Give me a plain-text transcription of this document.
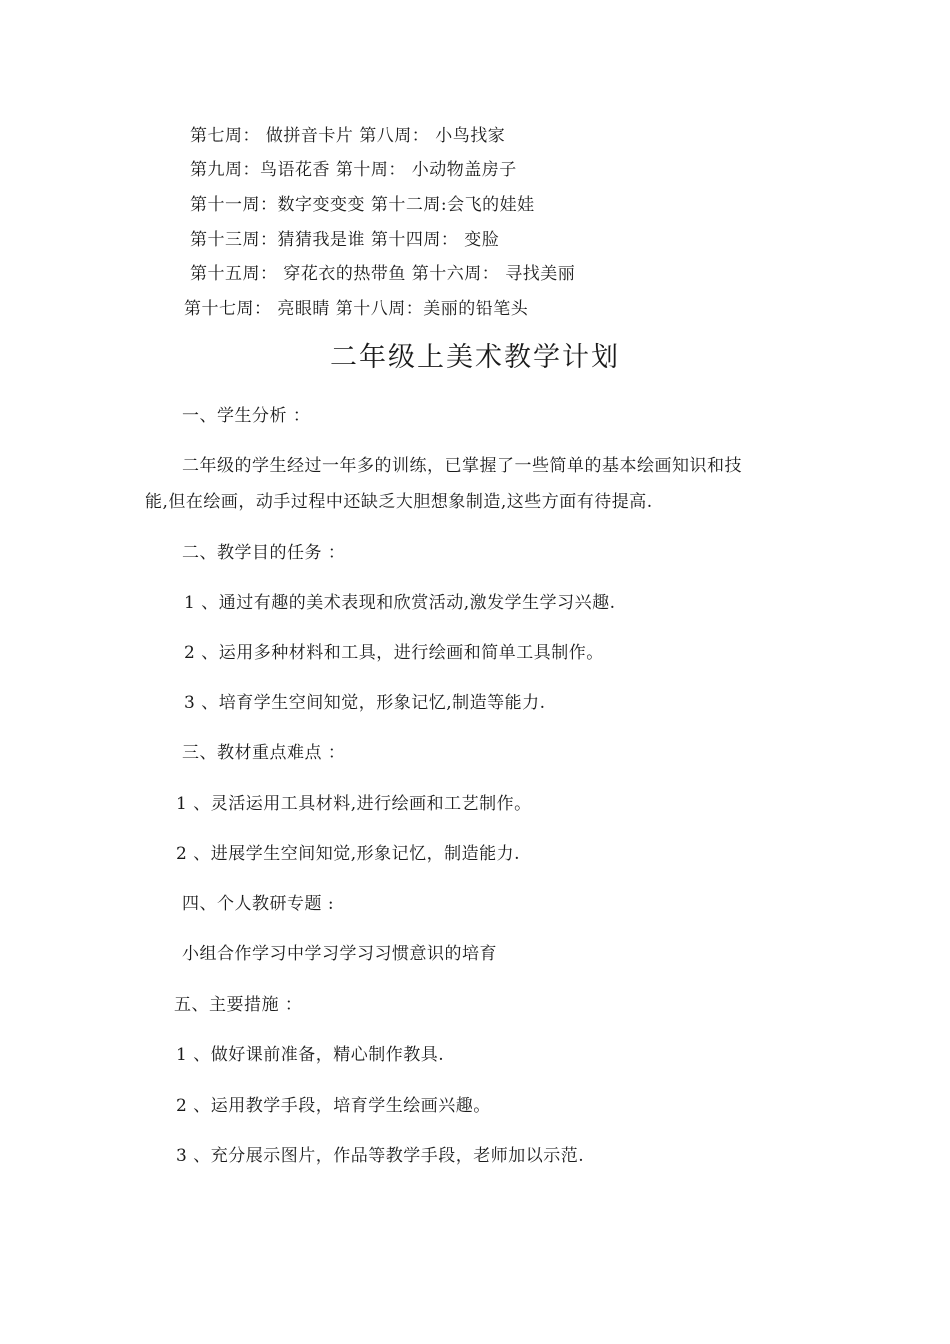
第七周： 做拼音卡片 第八周： 小鸟找家
第九周：鸟语花香 第十周： 小动物盖房子
第十一周：数字变变变 第十二周:会飞的娃娃
第十三周：猜猜我是谁 第十四周： 变脸
第十五周： 穿花衣的热带鱼 第十六周： 寻找美丽
第十七周： 亮眼睛 第十八周：美丽的铅笔头
二年级上美术教学计划
一、学生分析 ：
二年级的学生经过一年多的训练，已掌握了一些简单的基本绘画知识和技
能,但在绘画，动手过程中还缺乏大胆想象制造,这些方面有待提高.
二、教学目的任务 ：
1 、通过有趣的美术表现和欣赏活动,激发学生学习兴趣.
2 、运用多种材料和工具，进行绘画和简单工具制作。
3 、培育学生空间知觉，形象记忆,制造等能力.
三、教材重点难点 ：
1 、灵活运用工具材料,进行绘画和工艺制作。
2 、进展学生空间知觉,形象记忆，制造能力.
四、个人教研专题 :
小组合作学习中学习学习习惯意识的培育
五、主要措施 ：
1 、做好课前准备，精心制作教具.
2 、运用教学手段，培育学生绘画兴趣。
3 、充分展示图片，作品等教学手段，老师加以示范.
